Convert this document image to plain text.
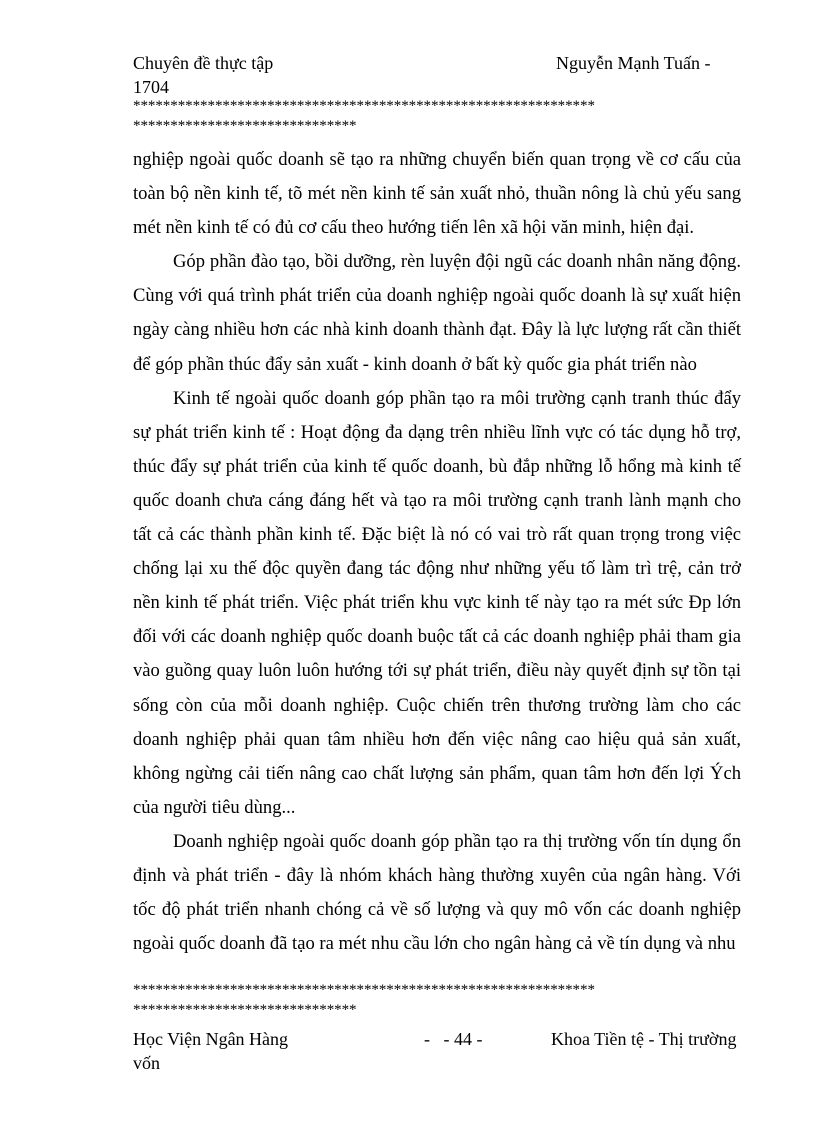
Chuyên đề thực tập	Nguyễn Mạnh Tuấn -
1704
**************************************************************
******************************

nghiệp ngoài quốc doanh sẽ tạo ra những chuyển biến quan trọng về cơ cấu của toàn bộ nền kinh tế, tõ mét nền kinh tế sản xuất nhỏ, thuần nông là chủ yếu sang mét nền kinh tế có đủ cơ cấu theo hướng tiến lên xã hội văn minh, hiện đại.

Góp phần đào tạo, bồi dưỡng, rèn luyện đội ngũ các doanh nhân năng động. Cùng với quá trình phát triển của doanh nghiệp ngoài quốc doanh là sự xuất hiện ngày càng nhiều hơn các nhà kinh doanh thành đạt. Đây là lực lượng rất cần thiết để góp phần thúc đẩy sản xuất - kinh doanh ở bất kỳ quốc gia phát triển nào

Kinh tế ngoài quốc doanh góp phần tạo ra môi trường cạnh tranh thúc đẩy sự phát triển kinh tế : Hoạt động đa dạng trên nhiều lĩnh vực có tác dụng hỗ trợ, thúc đẩy sự phát triển của kinh tế quốc doanh, bù đắp những lỗ hổng mà kinh tế quốc doanh chưa cáng đáng hết và tạo ra môi trường cạnh tranh lành mạnh cho tất cả các thành phần kinh tế. Đặc biệt là nó có vai trò rất quan trọng trong việc chống lại xu thế độc quyền đang tác động như những yếu tố làm trì trệ, cản trở nền kinh tế phát triển. Việc phát triển khu vực kinh tế này tạo ra mét sức Ðp lớn đối với các doanh nghiệp quốc doanh buộc tất cả các doanh nghiệp phải tham gia vào guồng quay luôn luôn hướng tới sự phát triển, điều này quyết định sự tồn tại sống còn của mỗi doanh nghiệp. Cuộc chiến trên thương trường làm cho các doanh nghiệp phải quan tâm nhiều hơn đến việc nâng cao hiệu quả sản xuất, không ngừng cải tiến nâng cao chất lượng sản phẩm, quan tâm hơn đến lợi Ých của người tiêu dùng...

Doanh nghiệp ngoài quốc doanh góp phần tạo ra thị trường vốn tín dụng ổn định và phát triển - đây là nhóm khách hàng thường xuyên của ngân hàng. Với tốc độ phát triển nhanh chóng cả về số lượng và quy mô vốn các doanh nghiệp ngoài quốc doanh đã tạo ra mét nhu cầu lớn cho ngân hàng cả về tín dụng và nhu

**************************************************************
******************************
Học Viện Ngân Hàng	-   - 44 -	Khoa Tiền tệ - Thị trường
vốn
